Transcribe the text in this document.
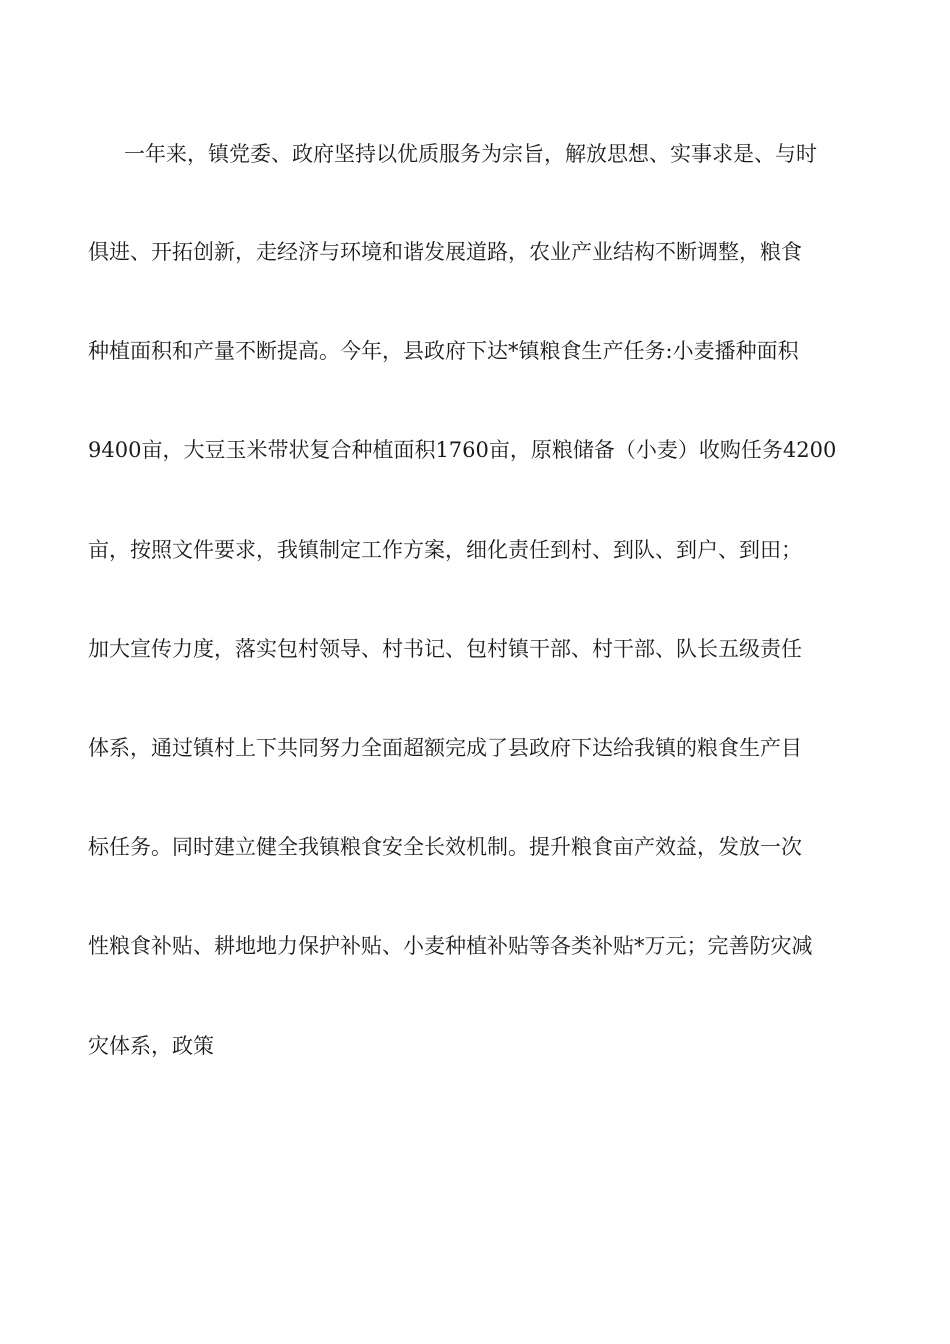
一年来，镇党委、政府坚持以优质服务为宗旨，解放思想、实事求是、与时
俱进、开拓创新，走经济与环境和谐发展道路，农业产业结构不断调整，粮食
种植面积和产量不断提高。今年，县政府下达*镇粮食生产任务:小麦播种面积
9400亩，大豆玉米带状复合种植面积1760亩，原粮储备（小麦）收购任务4200
亩，按照文件要求，我镇制定工作方案，细化责任到村、到队、到户、到田；
加大宣传力度，落实包村领导、村书记、包村镇干部、村干部、队长五级责任
体系，通过镇村上下共同努力全面超额完成了县政府下达给我镇的粮食生产目
标任务。同时建立健全我镇粮食安全长效机制。提升粮食亩产效益，发放一次
性粮食补贴、耕地地力保护补贴、小麦种植补贴等各类补贴*万元；完善防灾减
灾体系，政策
